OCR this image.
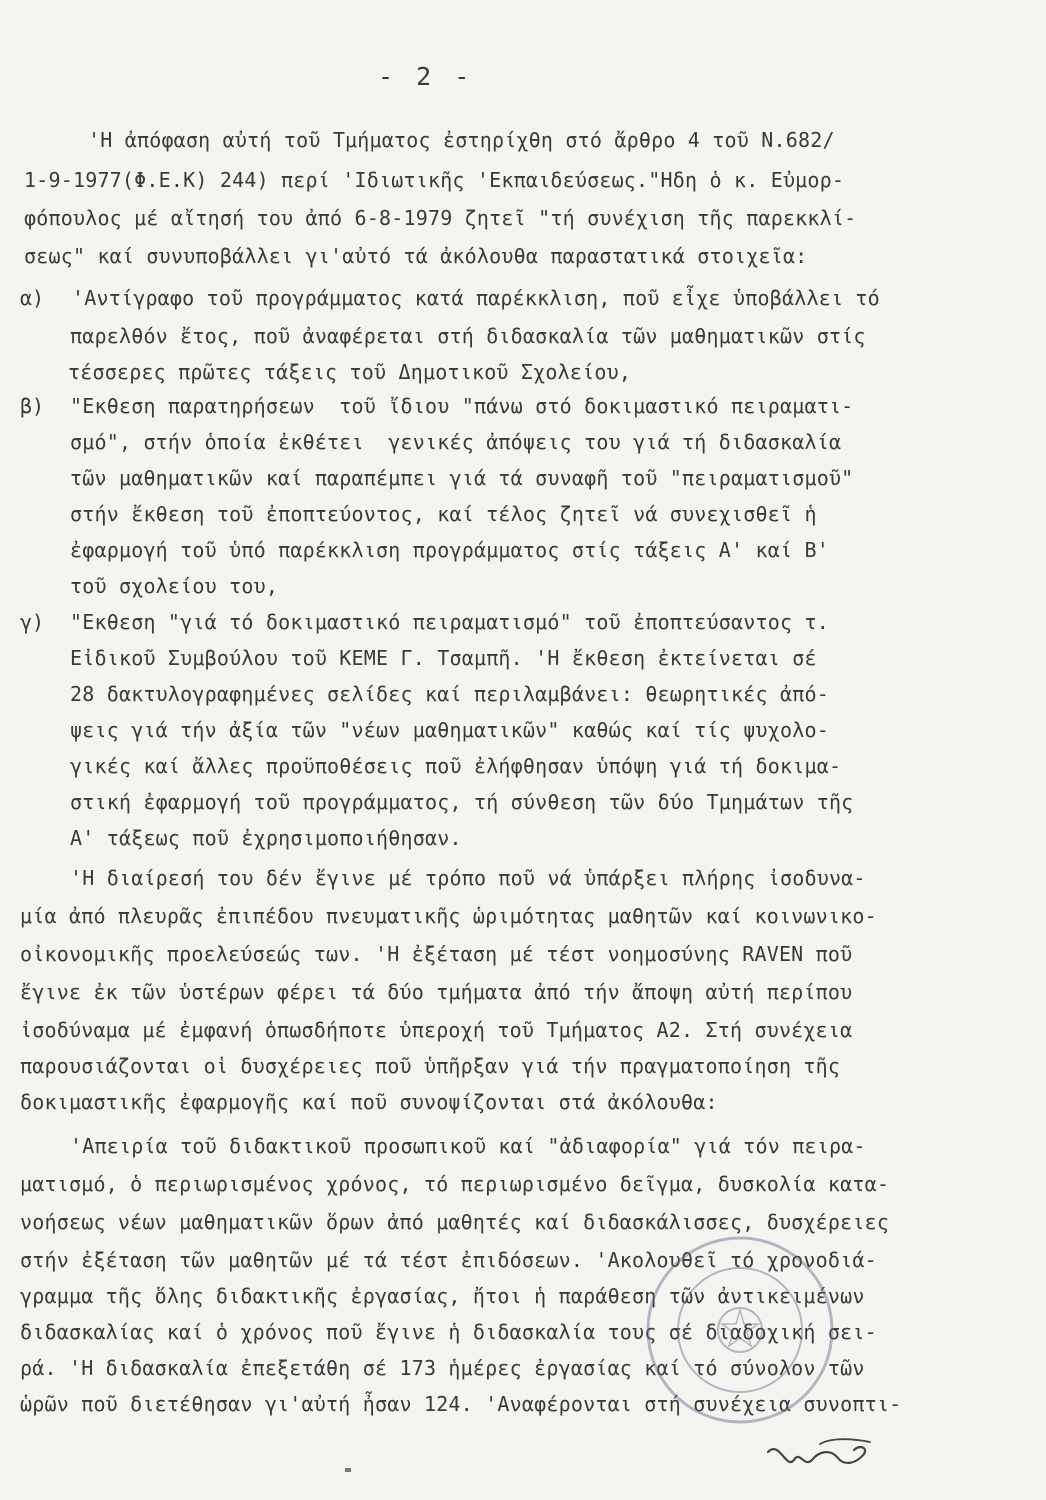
- 2 -
'Η ἀπόφαση αὐτή τοῦ Τμήματος ἐστηρίχθη στό ἄρθρο 4 τοῦ Ν.682/
1-9-1977(Φ.Ε.Κ) 244) περί 'Ιδιωτικῆς 'Εκπαιδεύσεως."Ηδη ὁ κ. Εὐμορ-
φόπουλος μέ αἴτησή του ἀπό 6-8-1979 ζητεῖ "τή συνέχιση τῆς παρεκκλί-
σεως" καί συνυποβάλλει γι'αὐτό τά ἀκόλουθα παραστατικά στοιχεῖα:
α) 'Αντίγραφο τοῦ προγράμματος κατά παρέκκλιση, ποῦ εἶχε ὑποβάλλει τό
παρελθόν ἔτος, ποῦ ἀναφέρεται στή διδασκαλία τῶν μαθηματικῶν στίς
τέσσερες πρῶτες τάξεις τοῦ Δημοτικοῦ Σχολείου,
β) "Εκθεση παρατηρήσεων  τοῦ ἴδιου "πάνω στό δοκιμαστικό πειραματι-
σμό", στήν ὁποία ἐκθέτει  γενικές ἀπόψεις του γιά τή διδασκαλία
τῶν μαθηματικῶν καί παραπέμπει γιά τά συναφῆ τοῦ "πειραματισμοῦ"
στήν ἔκθεση τοῦ ἐποπτεύοντος, καί τέλος ζητεῖ νά συνεχισθεῖ ἡ
ἐφαρμογή τοῦ ὑπό παρέκκλιση προγράμματος στίς τάξεις Α' καί Β'
τοῦ σχολείου του,
γ) "Εκθεση "γιά τό δοκιμαστικό πειραματισμό" τοῦ ἐποπτεύσαντος τ.
Εἰδικοῦ Συμβούλου τοῦ ΚΕΜΕ Γ. Τσαμπῆ. 'Η ἔκθεση ἐκτείνεται σέ
28 δακτυλογραφημένες σελίδες καί περιλαμβάνει: θεωρητικές ἀπό-
ψεις γιά τήν ἀξία τῶν "νέων μαθηματικῶν" καθώς καί τίς ψυχολο-
γικές καί ἄλλες προϋποθέσεις ποῦ ἐλήφθησαν ὑπόψη γιά τή δοκιμα-
στική ἐφαρμογή τοῦ προγράμματος, τή σύνθεση τῶν δύο Τμημάτων τῆς
Α' τάξεως ποῦ ἐχρησιμοποιήθησαν.
'Η διαίρεσή του δέν ἔγινε μέ τρόπο ποῦ νά ὑπάρξει πλήρης ἰσοδυνα-
μία ἀπό πλευρᾶς ἐπιπέδου πνευματικῆς ὡριμότητας μαθητῶν καί κοινωνικο-
οἰκονομικῆς προελεύσεώς των. 'Η ἐξέταση μέ τέστ νοημοσύνης RAVEN ποῦ
ἔγινε ἐκ τῶν ὑστέρων φέρει τά δύο τμήματα ἀπό τήν ἄποψη αὐτή περίπου
ἰσοδύναμα μέ ἐμφανή ὁπωσδήποτε ὑπεροχή τοῦ Τμήματος Α2. Στή συνέχεια
παρουσιάζονται οἱ δυσχέρειες ποῦ ὑπῆρξαν γιά τήν πραγματοποίηση τῆς
δοκιμαστικῆς ἐφαρμογῆς καί ποῦ συνοψίζονται στά ἀκόλουθα:
'Απειρία τοῦ διδακτικοῦ προσωπικοῦ καί "ἀδιαφορία" γιά τόν πειρα-
ματισμό, ὁ περιωρισμένος χρόνος, τό περιωρισμένο δεῖγμα, δυσκολία κατα-
νοήσεως νέων μαθηματικῶν ὅρων ἀπό μαθητές καί διδασκάλισσες, δυσχέρειες
στήν ἐξέταση τῶν μαθητῶν μέ τά τέστ ἐπιδόσεων. 'Ακολουθεῖ τό χρονοδιά-
γραμμα τῆς ὅλης διδακτικῆς ἐργασίας, ἤτοι ἡ παράθεση τῶν ἀντικειμένων
διδασκαλίας καί ὁ χρόνος ποῦ ἔγινε ἡ διδασκαλία τους σέ διαδοχική σει-
ρά. 'Η διδασκαλία ἐπεξετάθη σέ 173 ἡμέρες ἐργασίας καί τό σύνολον τῶν
ὡρῶν ποῦ διετέθησαν γι'αὐτή ἦσαν 124. 'Αναφέρονται στή συνέχεια συνοπτι-
